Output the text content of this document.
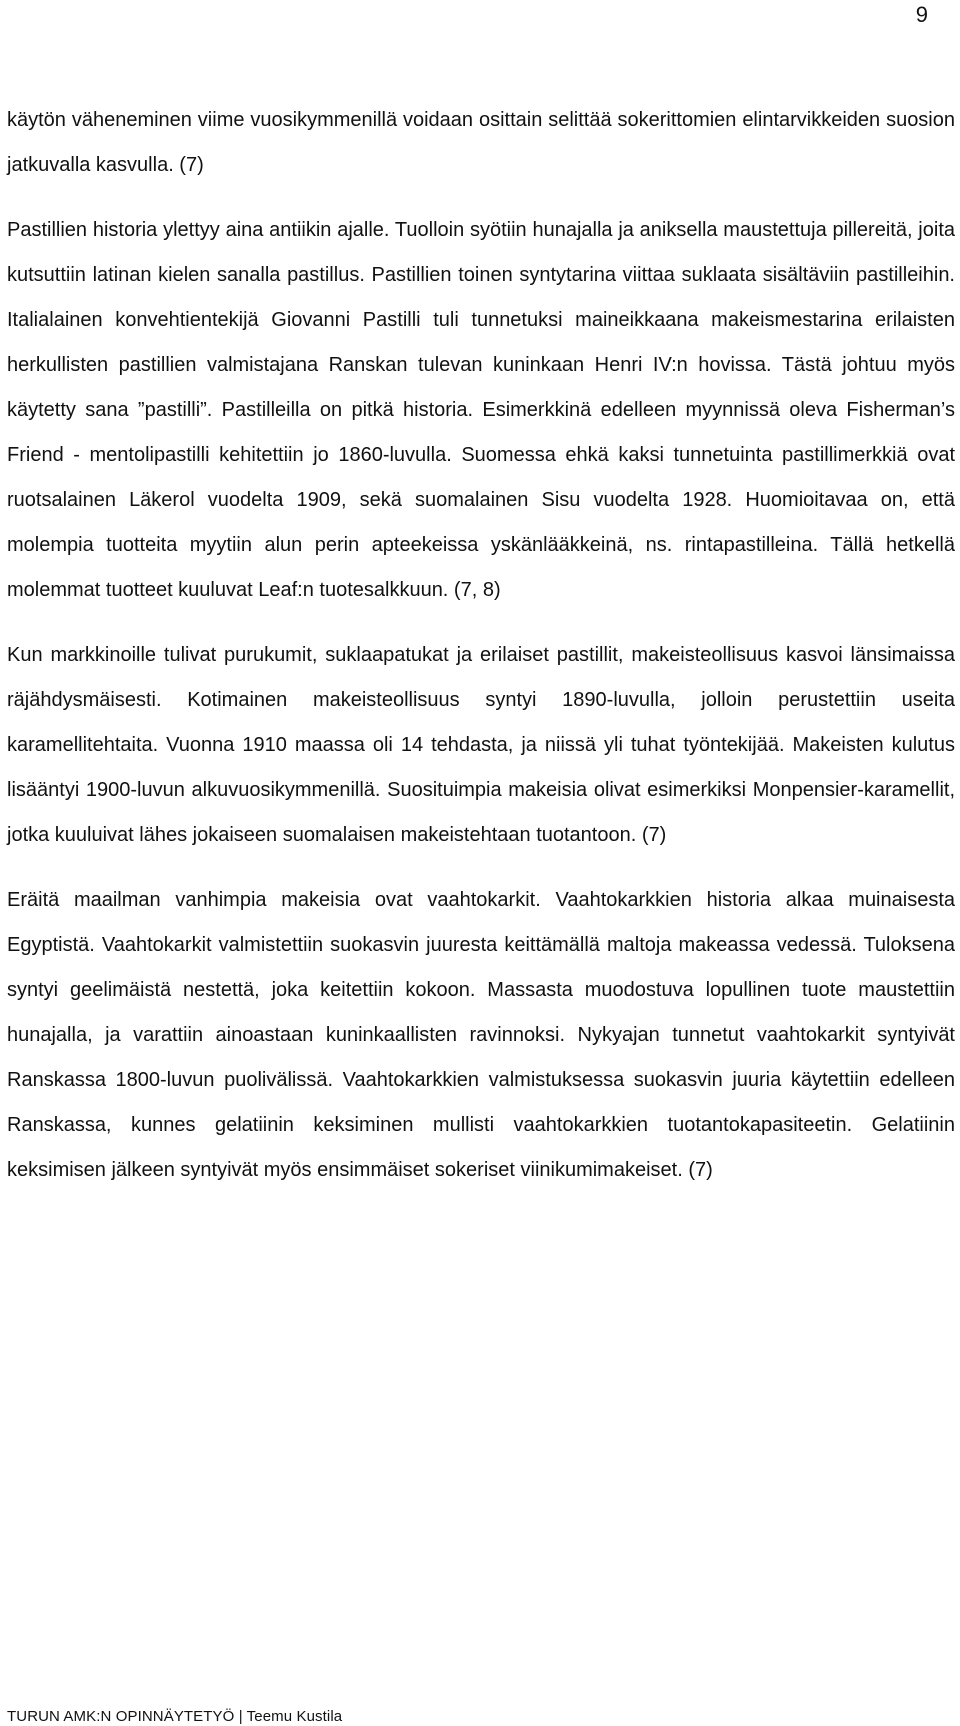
9

käytön väheneminen viime vuosikymmenillä voidaan osittain selittää sokerittomien elintarvikkeiden suosion jatkuvalla kasvulla. (7)

Pastillien historia ylettyy aina antiikin ajalle. Tuolloin syötiin hunajalla ja aniksella maustettuja pillereitä, joita kutsuttiin latinan kielen sanalla pastillus. Pastillien toinen syntytarina viittaa suklaata sisältäviin pastilleihin. Italialainen konvehtientekijä Giovanni Pastilli tuli tunnetuksi maineikkaana makeismestarina erilaisten herkullisten pastillien valmistajana Ranskan tulevan kuninkaan Henri IV:n hovissa. Tästä johtuu myös käytetty sana ”pastilli”. Pastilleilla on pitkä historia. Esimerkkinä edelleen myynnissä oleva Fisherman’s Friend - mentolipastilli kehitettiin jo 1860-luvulla. Suomessa ehkä kaksi tunnetuinta pastillimerkkiä ovat ruotsalainen Läkerol vuodelta 1909, sekä suomalainen Sisu vuodelta 1928. Huomioitavaa on, että molempia tuotteita myytiin alun perin apteekeissa yskänlääkkeinä, ns. rintapastilleina. Tällä hetkellä molemmat tuotteet kuuluvat Leaf:n tuotesalkkuun. (7, 8)

Kun markkinoille tulivat purukumit, suklaapatukat ja erilaiset pastillit, makeisteollisuus kasvoi länsimaissa räjähdysmäisesti. Kotimainen makeisteollisuus syntyi 1890-luvulla, jolloin perustettiin useita karamellitehtaita. Vuonna 1910 maassa oli 14 tehdasta, ja niissä yli tuhat työntekijää. Makeisten kulutus lisääntyi 1900-luvun alkuvuosikymmenillä. Suosituimpia makeisia olivat esimerkiksi Monpensier-karamellit, jotka kuuluivat lähes jokaiseen suomalaisen makeistehtaan tuotantoon. (7)

Eräitä maailman vanhimpia makeisia ovat vaahtokarkit. Vaahtokarkkien historia alkaa muinaisesta Egyptistä. Vaahtokarkit valmistettiin suokasvin juuresta keittämällä maltoja makeassa vedessä. Tuloksena syntyi geelimäistä nestettä, joka keitettiin kokoon. Massasta muodostuva lopullinen tuote maustettiin hunajalla, ja varattiin ainoastaan kuninkaallisten ravinnoksi. Nykyajan tunnetut vaahtokarkit syntyivät Ranskassa 1800-luvun puolivälissä. Vaahtokarkkien valmistuksessa suokasvin juuria käytettiin edelleen Ranskassa, kunnes gelatiinin keksiminen mullisti vaahtokarkkien tuotantokapasiteetin. Gelatiinin keksimisen jälkeen syntyivät myös ensimmäiset sokeriset viinikumimakeiset. (7)

TURUN AMK:N OPINNÄYTETYÖ | Teemu Kustila
